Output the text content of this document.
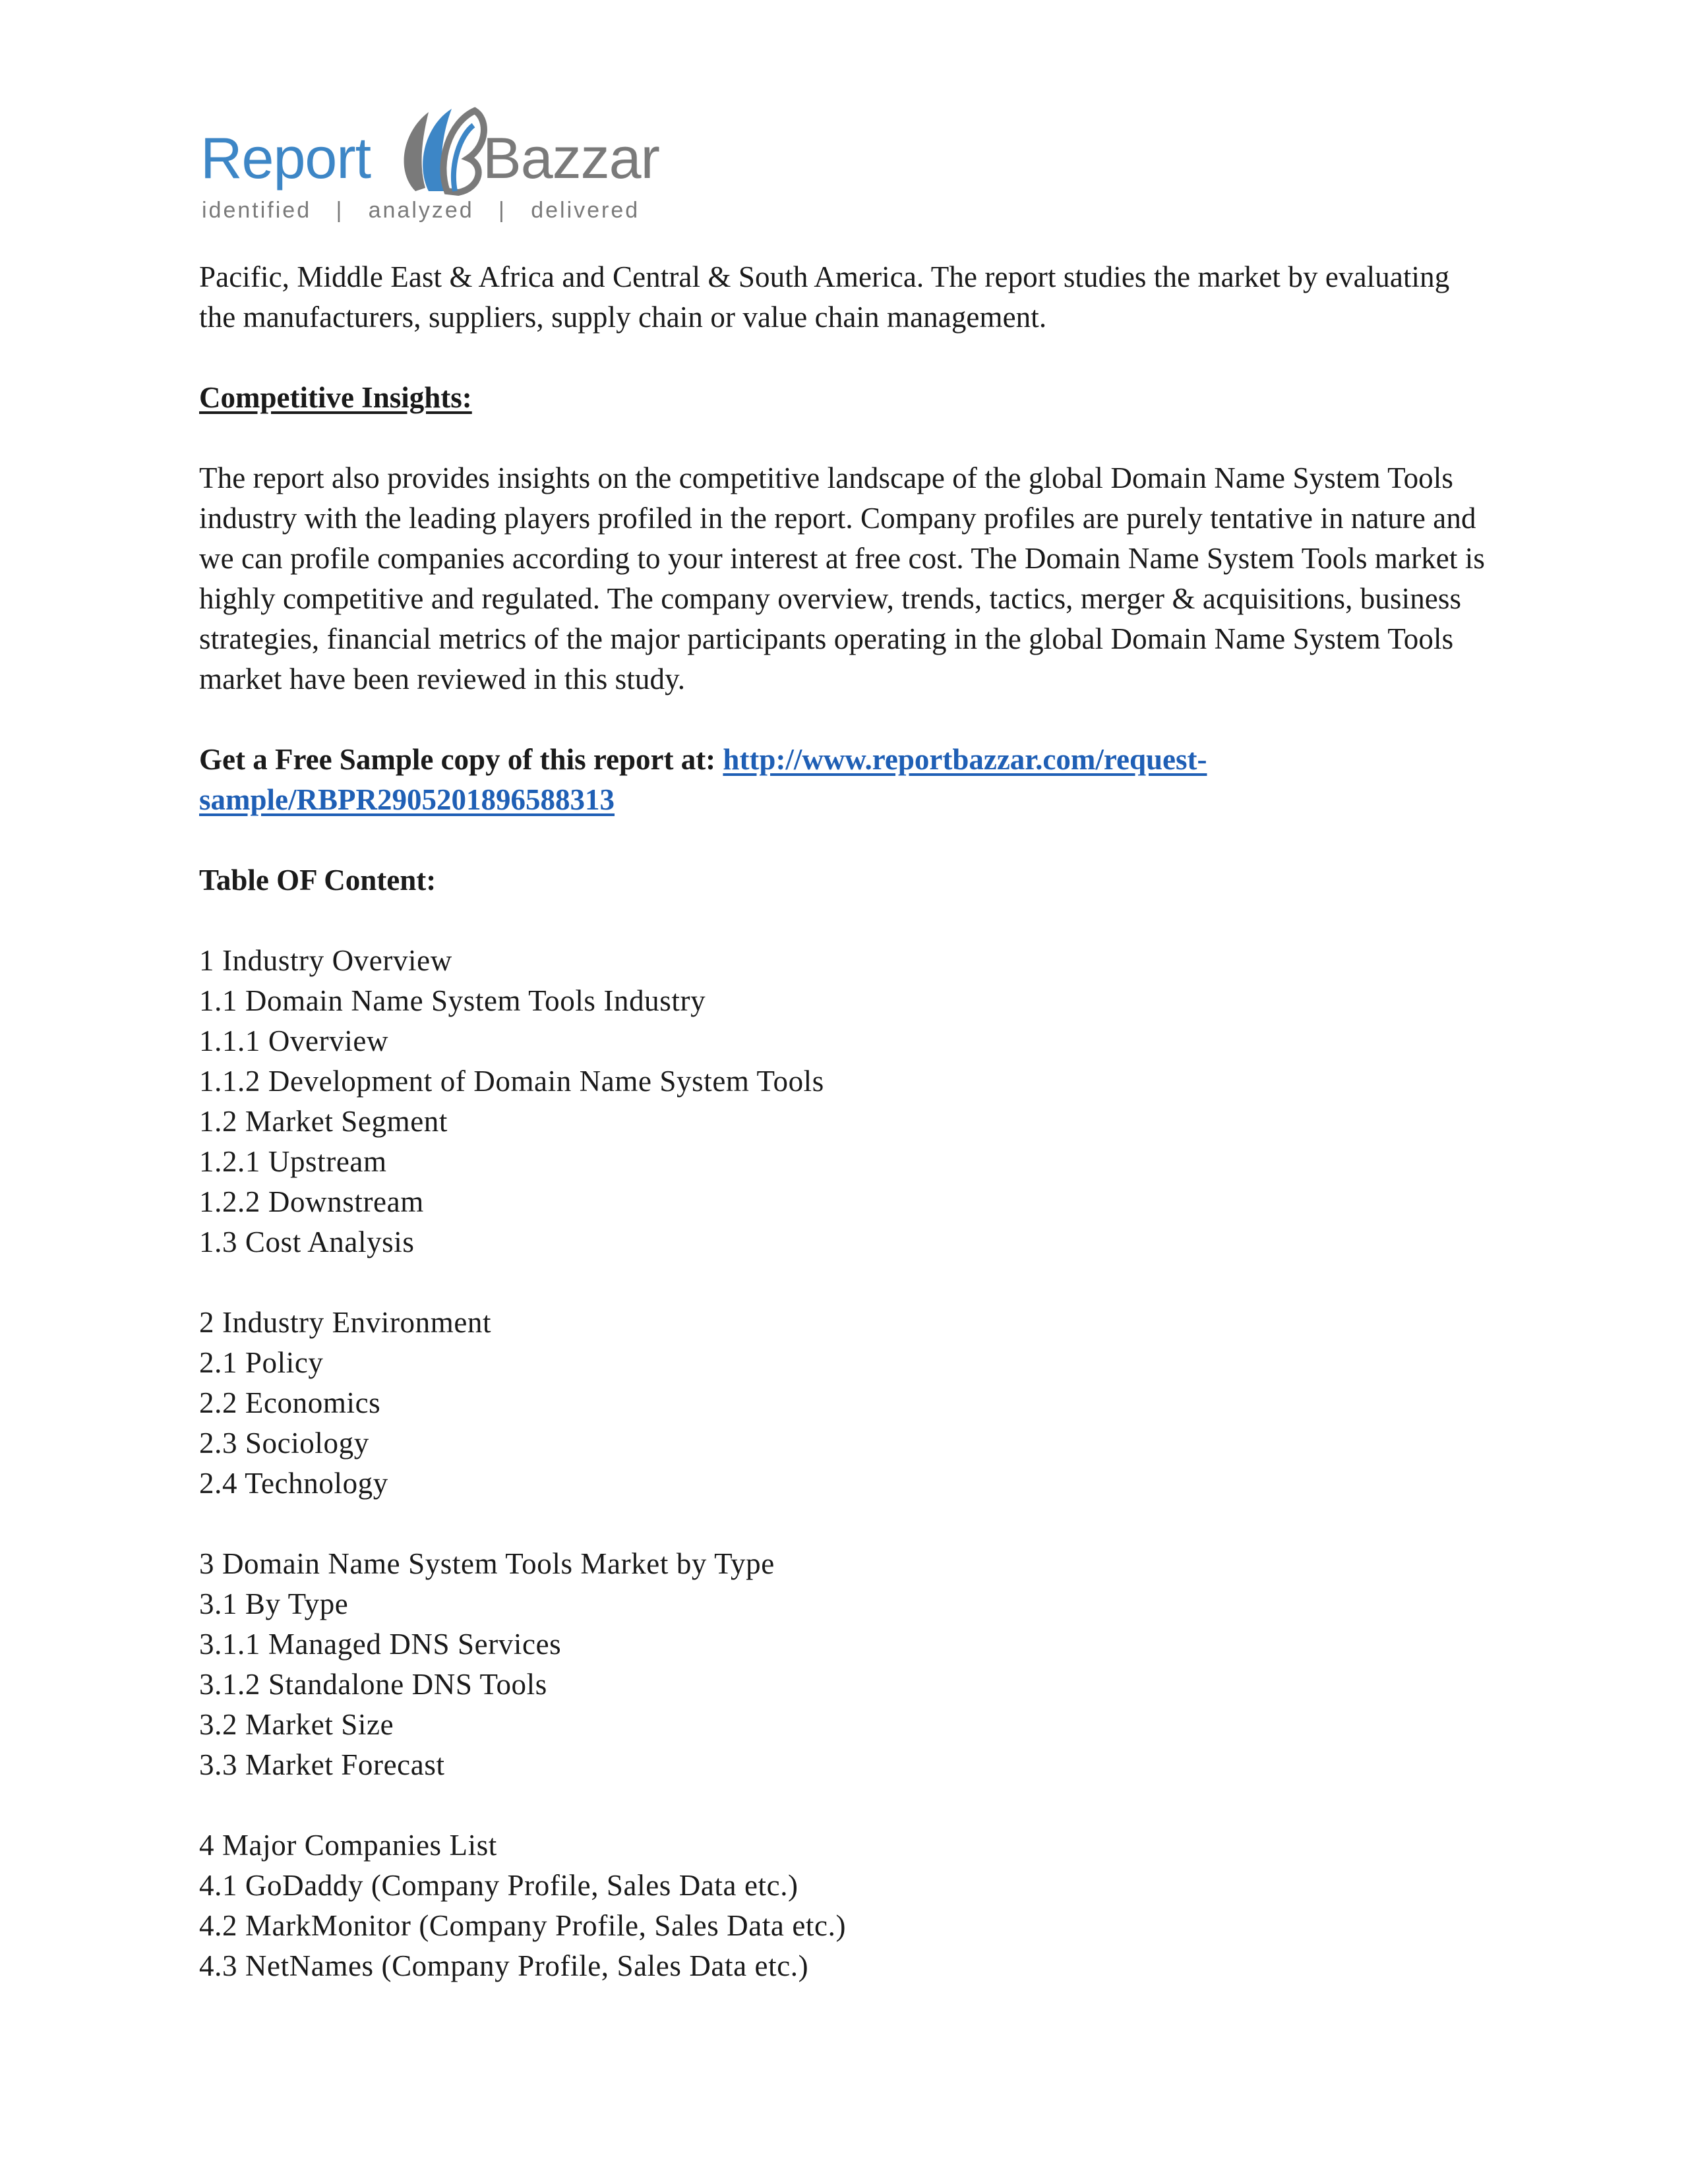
Report Bazzar
identified   |   analyzed   |   delivered

Pacific, Middle East & Africa and Central & South America. The report studies the market by evaluating the manufacturers, suppliers, supply chain or value chain management.

Competitive Insights:

The report also provides insights on the competitive landscape of the global Domain Name System Tools industry with the leading players profiled in the report. Company profiles are purely tentative in nature and we can profile companies according to your interest at free cost. The Domain Name System Tools market is highly competitive and regulated. The company overview, trends, tactics, merger & acquisitions, business strategies, financial metrics of the major participants operating in the global Domain Name System Tools market have been reviewed in this study.

Get a Free Sample copy of this report at: http://www.reportbazzar.com/request-sample/RBPR2905201896588313

Table OF Content:

1 Industry Overview
1.1 Domain Name System Tools Industry
1.1.1 Overview
1.1.2 Development of Domain Name System Tools
1.2 Market Segment
1.2.1 Upstream
1.2.2 Downstream
1.3 Cost Analysis
2 Industry Environment
2.1 Policy
2.2 Economics
2.3 Sociology
2.4 Technology
3 Domain Name System Tools Market by Type
3.1 By Type
3.1.1 Managed DNS Services
3.1.2 Standalone DNS Tools
3.2 Market Size
3.3 Market Forecast
4 Major Companies List
4.1 GoDaddy (Company Profile, Sales Data etc.)
4.2 MarkMonitor (Company Profile, Sales Data etc.)
4.3 NetNames (Company Profile, Sales Data etc.)
